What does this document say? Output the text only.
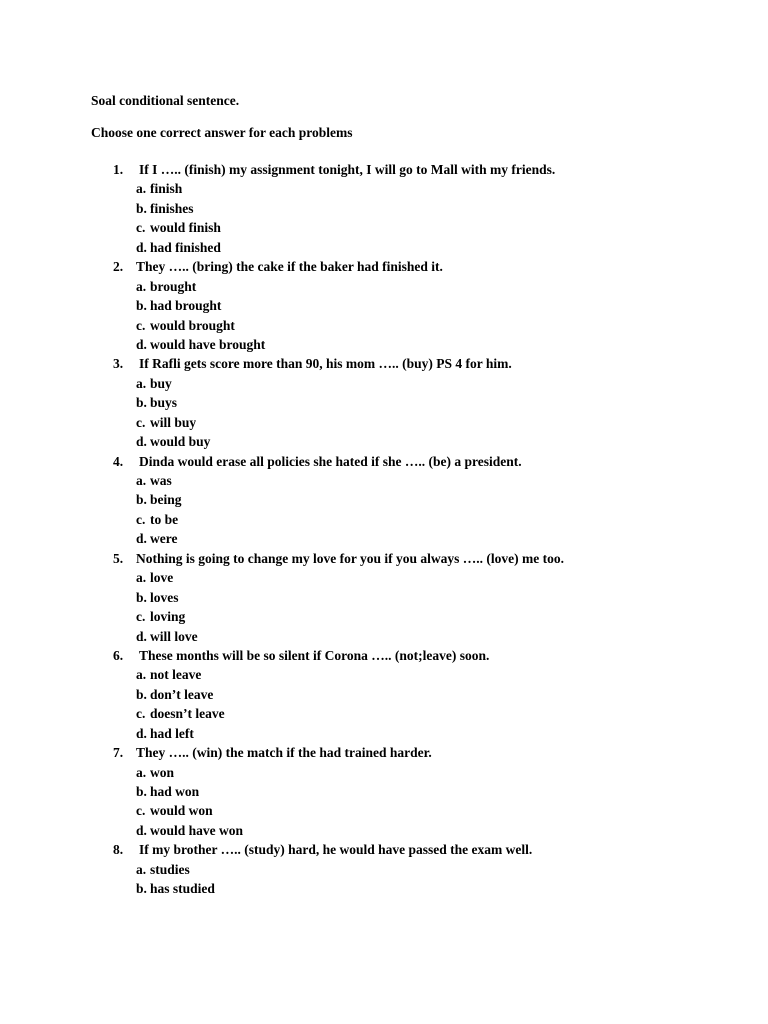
Soal conditional sentence.
Choose one correct answer for each problems
1. If I ….. (finish) my assignment tonight, I will go to Mall with my friends.
a. finish
b. finishes
c. would finish
d. had finished
2. They ….. (bring) the cake if the baker had finished it.
a. brought
b. had brought
c. would brought
d. would have brought
3. If Rafli gets score more than 90, his mom ….. (buy) PS 4 for him.
a. buy
b. buys
c. will buy
d. would buy
4. Dinda would erase all policies she hated if she ….. (be) a president.
a. was
b. being
c. to be
d. were
5. Nothing is going to change my love for you if you always ….. (love) me too.
a. love
b. loves
c. loving
d. will love
6. These months will be so silent if Corona ….. (not;leave) soon.
a. not leave
b. don’t leave
c. doesn’t leave
d. had left
7. They ….. (win) the match if the had trained harder.
a. won
b. had won
c. would won
d. would have won
8. If my brother ….. (study) hard, he would have passed the exam well.
a. studies
b. has studied
